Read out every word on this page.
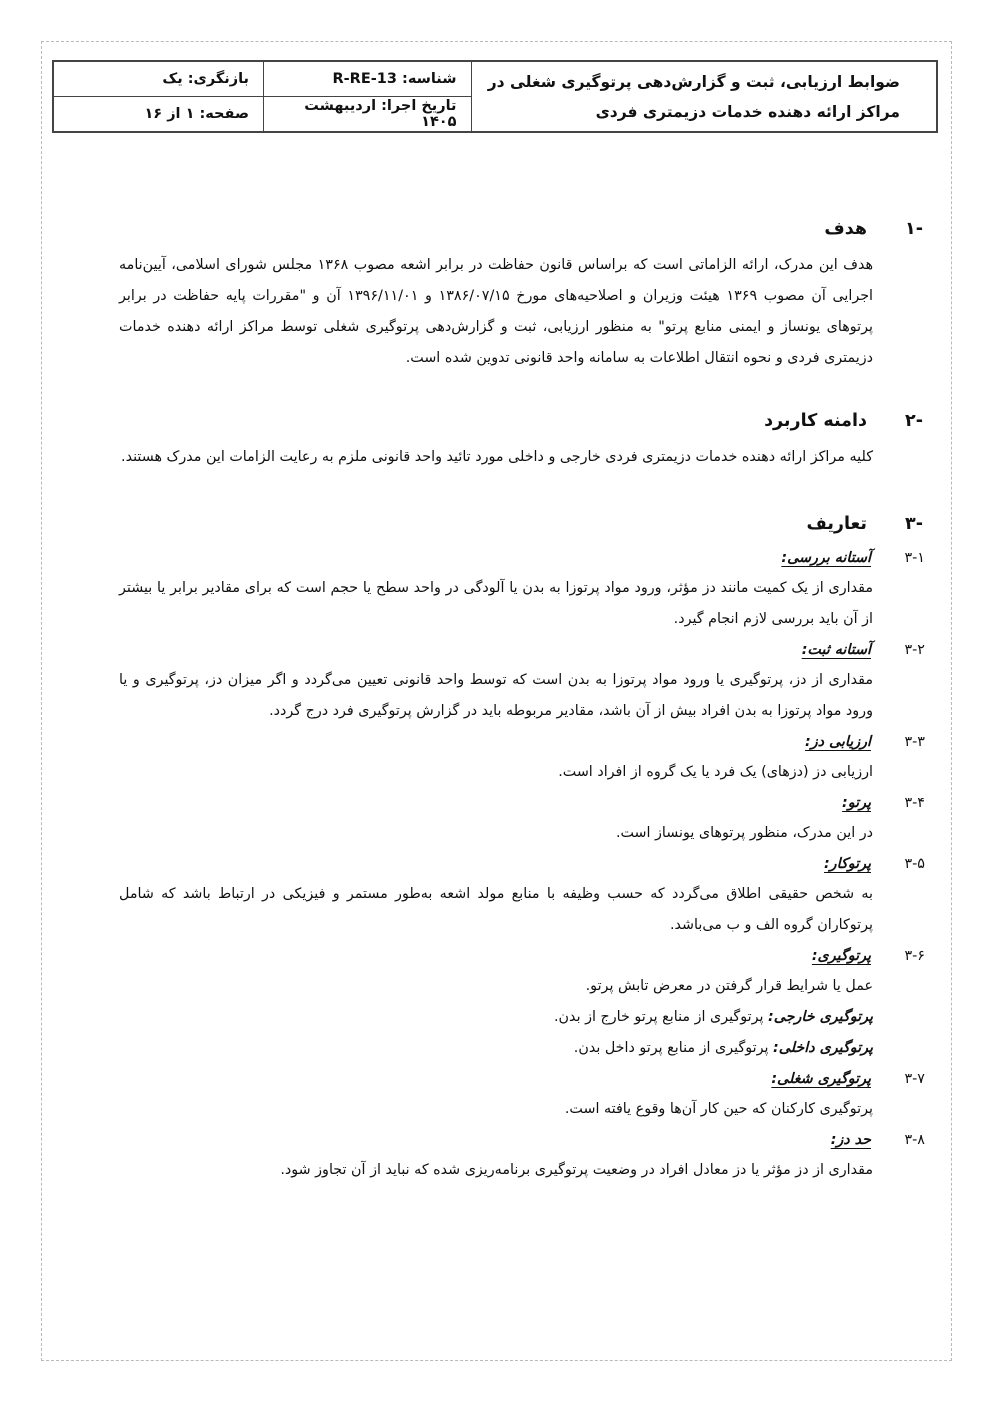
ضوابط ارزیابی، ثبت و گزارش‌دهی پرتوگیری شغلی در مراکز ارائه دهنده خدمات دزیمتری فردی	شناسه: R-RE-13	بازنگری: یک
	تاریخ اجرا: اردیبهشت ۱۴۰۵	صفحه: ۱ از ۱۶
-۱
هدف

هدف این مدرک، ارائه الزاماتی است که براساس قانون حفاظت در برابر اشعه مصوب ۱۳۶۸ مجلس شورای اسلامی، آیین‌نامه اجرایی آن مصوب ۱۳۶۹ هیئت وزیران و اصلاحیه‌های مورخ ۱۳۸۶/۰۷/۱۵ و ۱۳۹۶/۱۱/۰۱ آن و "مقررات پایه حفاظت در برابر پرتوهای یونساز و ایمنی منابع پرتو" به منظور ارزیابی، ثبت و گزارش‌دهی پرتوگیری شغلی توسط مراکز ارائه دهنده خدمات دزیمتری فردی و نحوه انتقال اطلاعات به سامانه واحد قانونی تدوین شده است.

-۲
دامنه کاربرد

کلیه مراکز ارائه دهنده خدمات دزیمتری فردی خارجی و داخلی مورد تائید واحد قانونی ملزم به رعایت الزامات این مدرک هستند.

-۳
تعاریف
۳-۱
آستانه بررسی:

مقداری از یک کمیت مانند دز مؤثر، ورود مواد پرتوزا به بدن یا آلودگی در واحد سطح یا حجم است که برای مقادیر برابر یا بیشتر از آن باید بررسی لازم انجام گیرد.

۳-۲
آستانه ثبت:

مقداری از دز، پرتوگیری یا ورود مواد پرتوزا به بدن است که توسط واحد قانونی تعیین می‌گردد و اگر میزان دز، پرتوگیری و یا ورود مواد پرتوزا به بدن افراد بیش از آن باشد، مقادیر مربوطه باید در گزارش پرتوگیری فرد درج گردد.

۳-۳
ارزیابی دز:

ارزیابی دز (دزهای) یک فرد یا یک گروه از افراد است.

۳-۴
پرتو:

در این مدرک، منظور پرتوهای یونساز است.

۳-۵
پرتوکار:

به شخص حقیقی اطلاق می‌گردد که حسب وظیفه با منابع مولد اشعه به‌طور مستمر و فیزیکی در ارتباط باشد که شامل پرتوکاران گروه الف و ب می‌باشد.

۳-۶
پرتوگیری:

عمل یا شرایط قرار گرفتن در معرض تابش پرتو.

پرتوگیری خارجی: پرتوگیری از منابع پرتو خارج از بدن.

پرتوگیری داخلی: پرتوگیری از منابع پرتو داخل بدن.

۳-۷
پرتوگیری شغلی:

پرتوگیری کارکنان که حین کار آن‌ها وقوع یافته است.

۳-۸
حد دز:

مقداری از دز مؤثر یا دز معادل افراد در وضعیت پرتوگیری برنامه‌ریزی شده که نباید از آن تجاوز شود.
